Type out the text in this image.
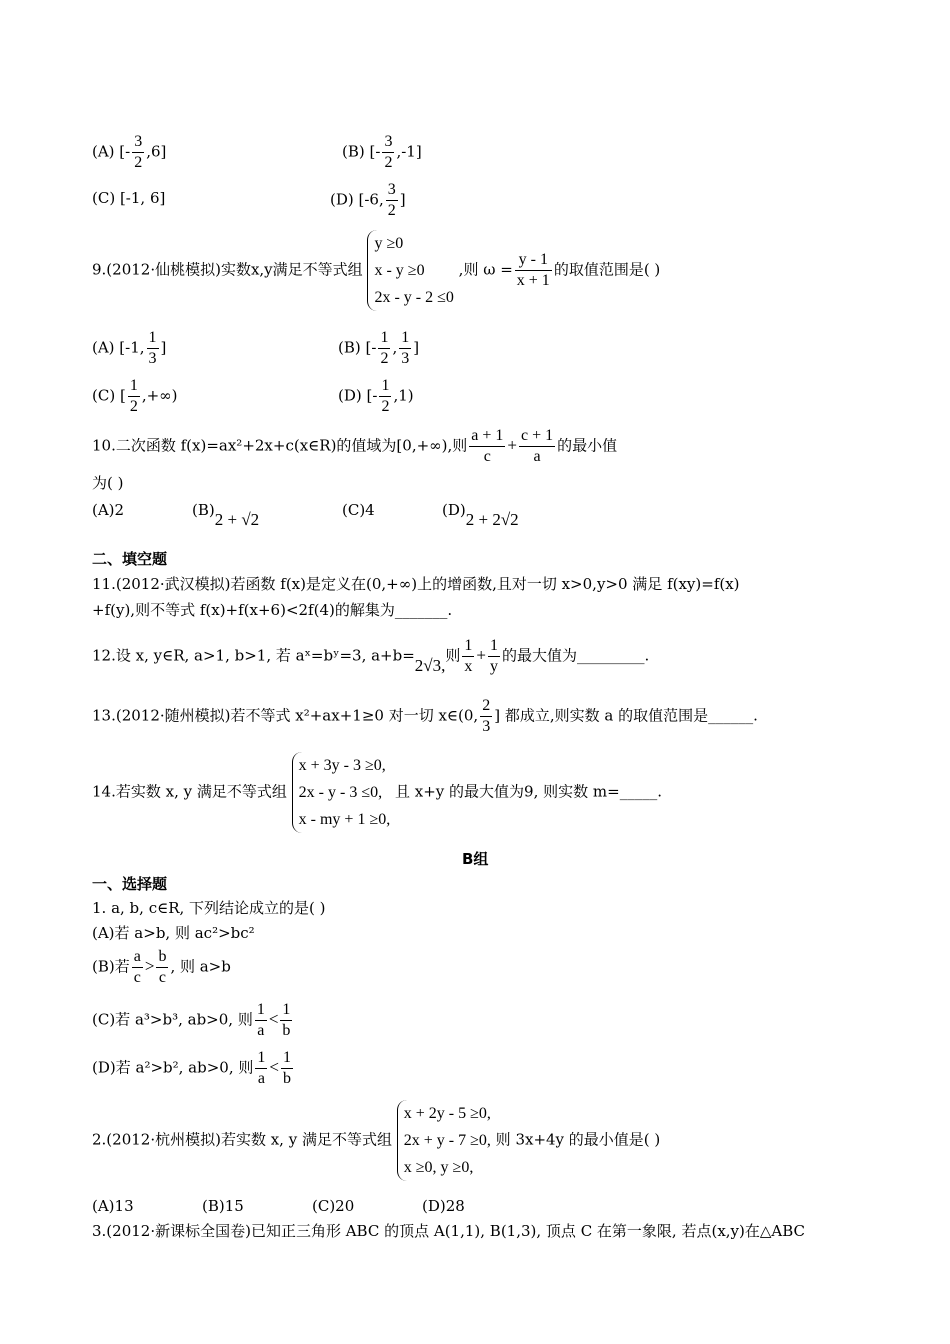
(A) [- $\frac{3}{2} ,6$]	(B) [- $\frac{3}{2} ,-1$]
(C) [-1, 6]	(D) [-6, $\frac{3}{2}$ ]
9.(2012·仙桃模拟)实数x,y满足不等式组
y ≥0
x - y ≥0
2x - y - 2 ≤0
,则 $\omega = \frac{y - 1}{x + 1}$ 的取值范围是( )
(A) [-1, $\frac{1}{3}$ ]	(B) [- $\frac{1}{2}$ , $\frac{1}{3}$ ]
(C) [ $\frac{1}{2}$ ,+∞)	(D) [- $\frac{1}{2} ,1$)
10.二次函数 f(x)=ax²+2x+c(x∈R)的值域为[0,+∞),则 $\frac{a + 1}{c} + \frac{c + 1}{a}$ 的最小值
为( )
(A)2	(B)2 + √2	(C)4	(D)2 + 2√2
二、填空题
11.(2012·武汉模拟)若函数 f(x)是定义在(0,+∞)上的增函数,且对一切 x>0,y>0 满足 f(xy)=f(x)
+f(y),则不等式 f(x)+f(x+6)<2f(4)的解集为_______.
12.设 x, y∈R, a>1, b>1, 若 aˣ=bʸ=3, a+b=2√3,则 $\frac{1}{x} + \frac{1}{y}$ 的最大值为_________.
13.(2012·随州模拟)若不等式 x²+ax+1≥0 对一切 x∈(0, $\frac{2}{3}$ ] 都成立,则实数 a 的取值范围是______.
14.若实数 x, y 满足不等式组
x + 3y - 3 ≥0,
2x - y - 3 ≤0,
x - my + 1 ≥0,
且 x+y 的最大值为9, 则实数 m=_____.
B组
一、选择题
1. a, b, c∈R, 下列结论成立的是( )
(A)若 a>b, 则 ac²>bc²
(B)若 $\frac{a}{c} > \frac{b}{c}$ , 则 a>b
(C)若 a³>b³, ab>0, 则 $\frac{1}{a} < \frac{1}{b}$
(D)若 a²>b², ab>0, 则 $\frac{1}{a} < \frac{1}{b}$
2.(2012·杭州模拟)若实数 x, y 满足不等式组
x + 2y - 5 ≥0,
2x + y - 7 ≥0,
x ≥0, y ≥0,
则 3x+4y 的最小值是( )
(A)13	(B)15	(C)20	(D)28
3.(2012·新课标全国卷)已知正三角形 ABC 的顶点 A(1,1), B(1,3), 顶点 C 在第一象限, 若点(x,y)在△ABC
